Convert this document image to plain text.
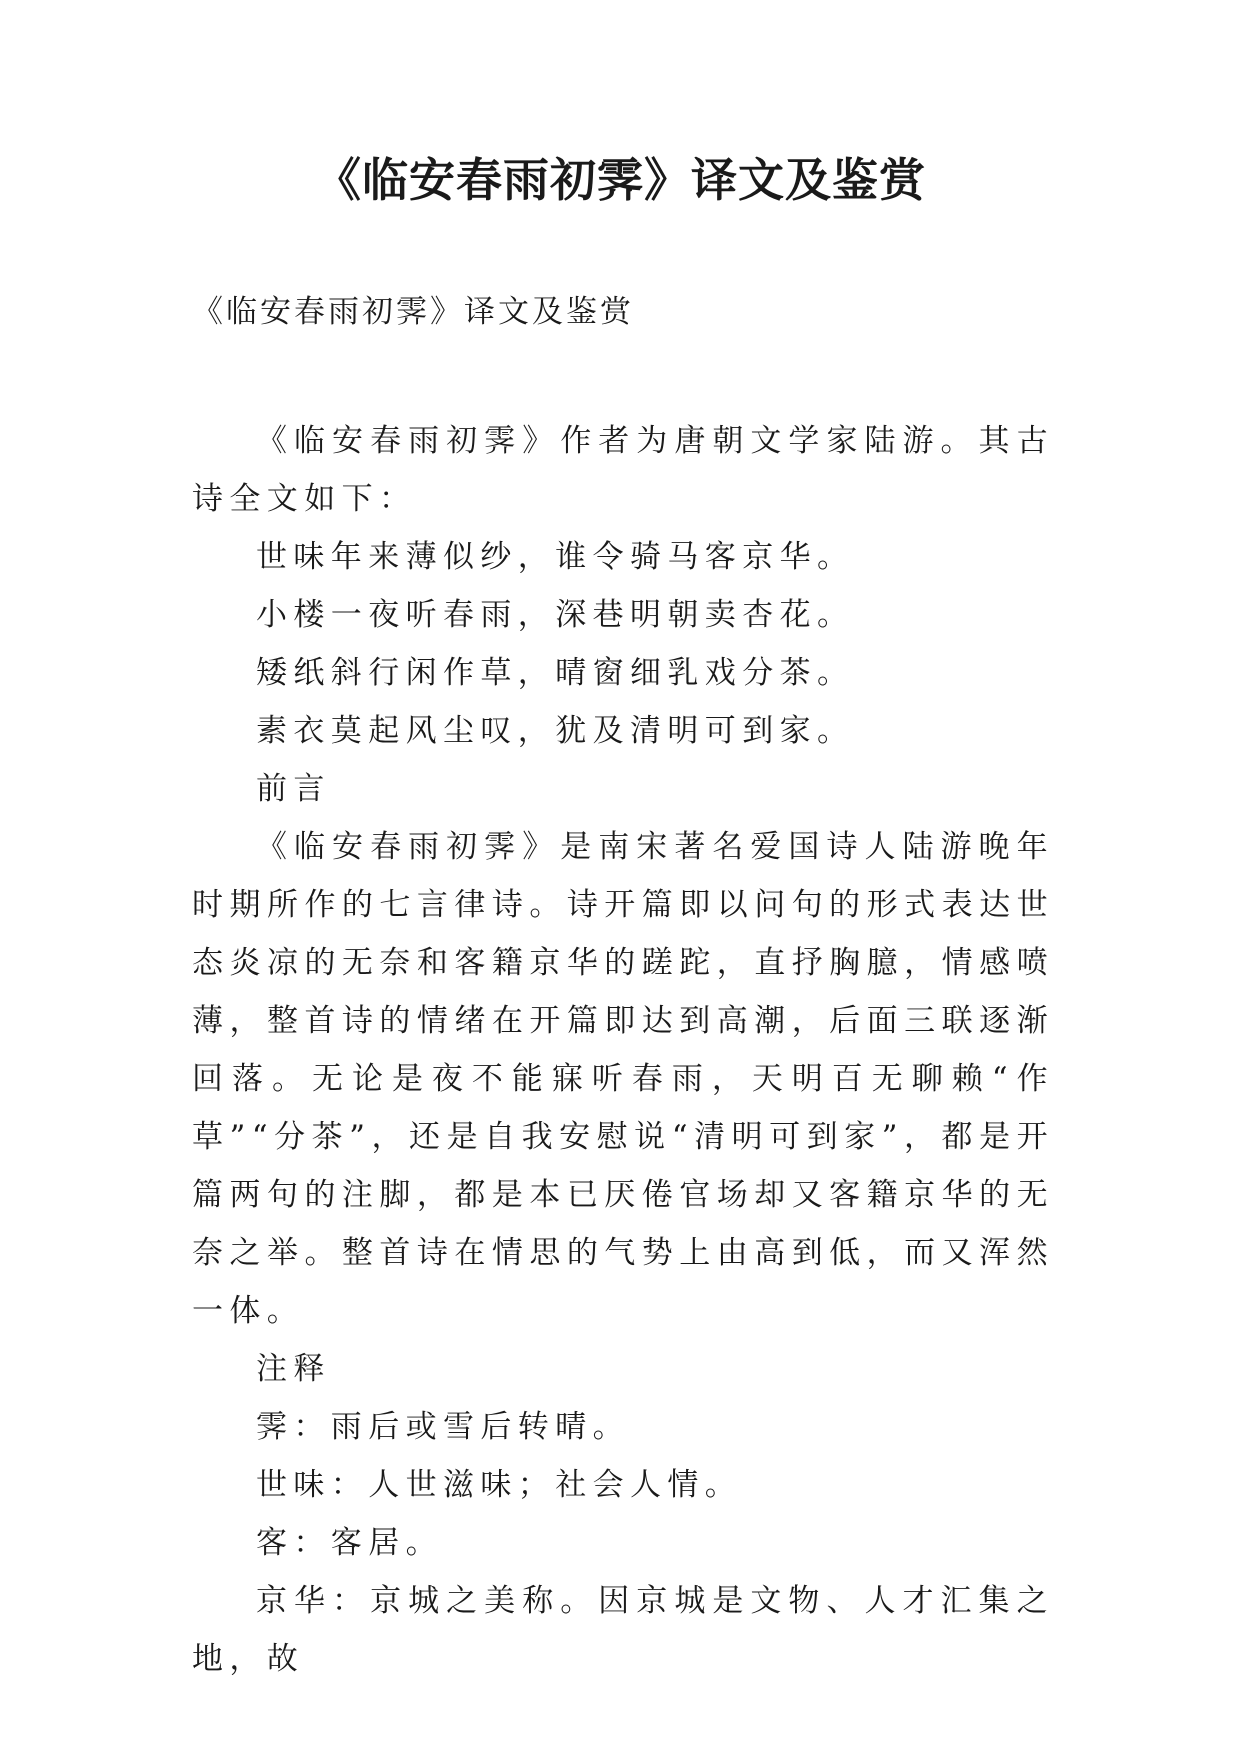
《临安春雨初霁》译文及鉴赏
《临安春雨初霁》译文及鉴赏

《临安春雨初霁》作者为唐朝文学家陆游。其古诗全文如下：

世味年来薄似纱，谁令骑马客京华。

小楼一夜听春雨，深巷明朝卖杏花。

矮纸斜行闲作草，晴窗细乳戏分茶。

素衣莫起风尘叹，犹及清明可到家。

前言

《临安春雨初霁》是南宋著名爱国诗人陆游晚年时期所作的七言律诗。诗开篇即以问句的形式表达世态炎凉的无奈和客籍京华的蹉跎，直抒胸臆，情感喷薄，整首诗的情绪在开篇即达到高潮，后面三联逐渐回落。无论是夜不能寐听春雨，天明百无聊赖“作草”“分茶”，还是自我安慰说“清明可到家”，都是开篇两句的注脚，都是本已厌倦官场却又客籍京华的无奈之举。整首诗在情思的气势上由高到低，而又浑然一体。

注释

霁：雨后或雪后转晴。

世味：人世滋味；社会人情。

客：客居。

京华：京城之美称。因京城是文物、人才汇集之地，故
